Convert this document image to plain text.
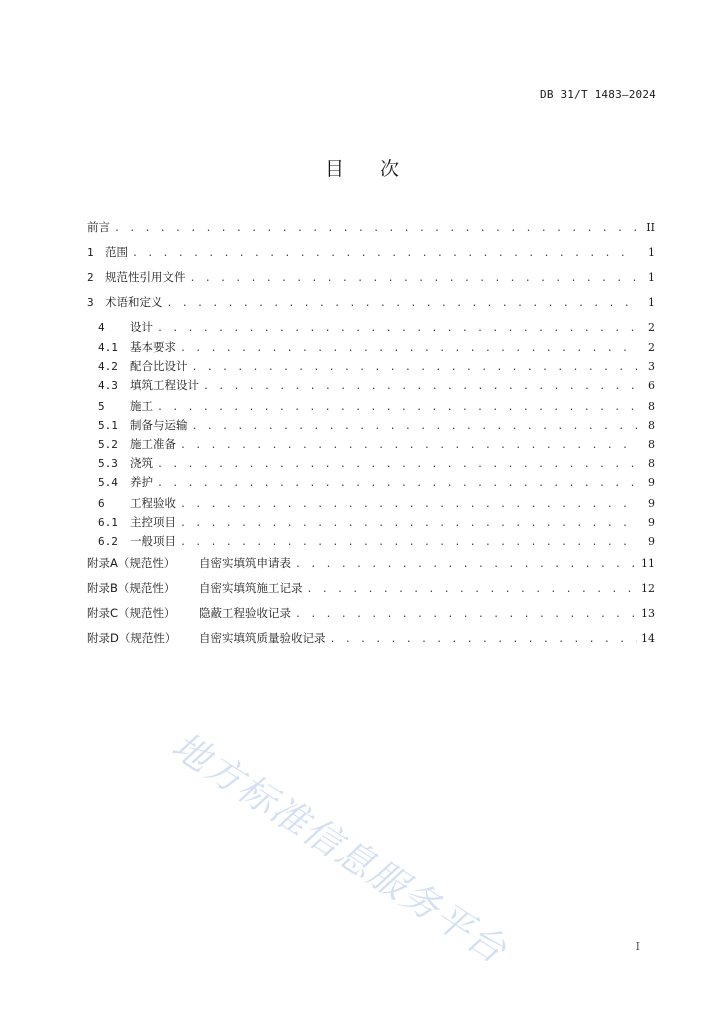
DB 31/T 1483—2024
目 次
前言 . . .	II
1 范围 . . .	1
2 规范性引用文件 . . .	1
3 术语和定义 . . .	1
4	设计 . . .	2
4.1	基本要求 . . .	2
4.2	配合比设计 . . .	3
4.3	填筑工程设计 . . .	6
5	施工 . . .	8
5.1	制备与运输 . . .	8
5.2	施工准备 . . .	8
5.3	浇筑 . . .	8
5.4	养护 . . .	9
6	工程验收 . . .	9
6.1	主控项目 . . .	9
6.2	一般项目 . . .	9
附录A（规范性）	自密实填筑申请表 . . .	11
附录B（规范性）	自密实填筑施工记录 . . .	12
附录C（规范性）	隐蔽工程验收记录 . . .	13
附录D（规范性）	自密实填筑质量验收记录 . . .	14
地方标准信息服务平台	I
